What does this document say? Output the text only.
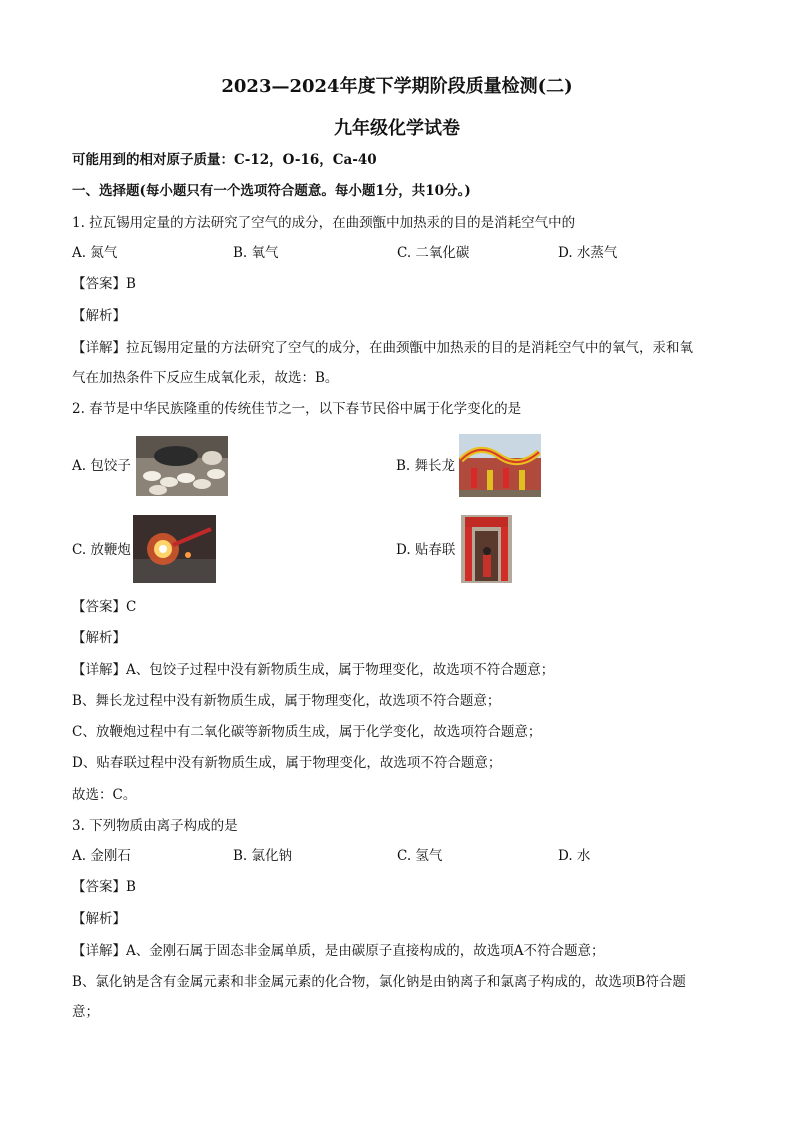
2023—2024年度下学期阶段质量检测(二)
九年级化学试卷
可能用到的相对原子质量：C-12，O-16，Ca-40
一、选择题(每小题只有一个选项符合题意。每小题1分，共10分。)
1. 拉瓦锡用定量的方法研究了空气的成分，在曲颈甑中加热汞的目的是消耗空气中的
A. 氮气	B. 氧气	C. 二氧化碳	D. 水蒸气
【答案】B
【解析】
【详解】拉瓦锡用定量的方法研究了空气的成分，在曲颈甑中加热汞的目的是消耗空气中的氧气，汞和氧
气在加热条件下反应生成氧化汞，故选：B。
2. 春节是中华民族隆重的传统佳节之一，以下春节民俗中属于化学变化的是
A. 包饺子	B. 舞长龙
C. 放鞭炮	D. 贴春联
【答案】C
【解析】
【详解】A、包饺子过程中没有新物质生成，属于物理变化，故选项不符合题意；
B、舞长龙过程中没有新物质生成，属于物理变化，故选项不符合题意；
C、放鞭炮过程中有二氧化碳等新物质生成，属于化学变化，故选项符合题意；
D、贴春联过程中没有新物质生成，属于物理变化，故选项不符合题意；
故选：C。
3. 下列物质由离子构成的是
A. 金刚石	B. 氯化钠	C. 氢气	D. 水
【答案】B
【解析】
【详解】A、金刚石属于固态非金属单质，是由碳原子直接构成的，故选项A不符合题意；
B、氯化钠是含有金属元素和非金属元素的化合物，氯化钠是由钠离子和氯离子构成的，故选项B符合题
意；
